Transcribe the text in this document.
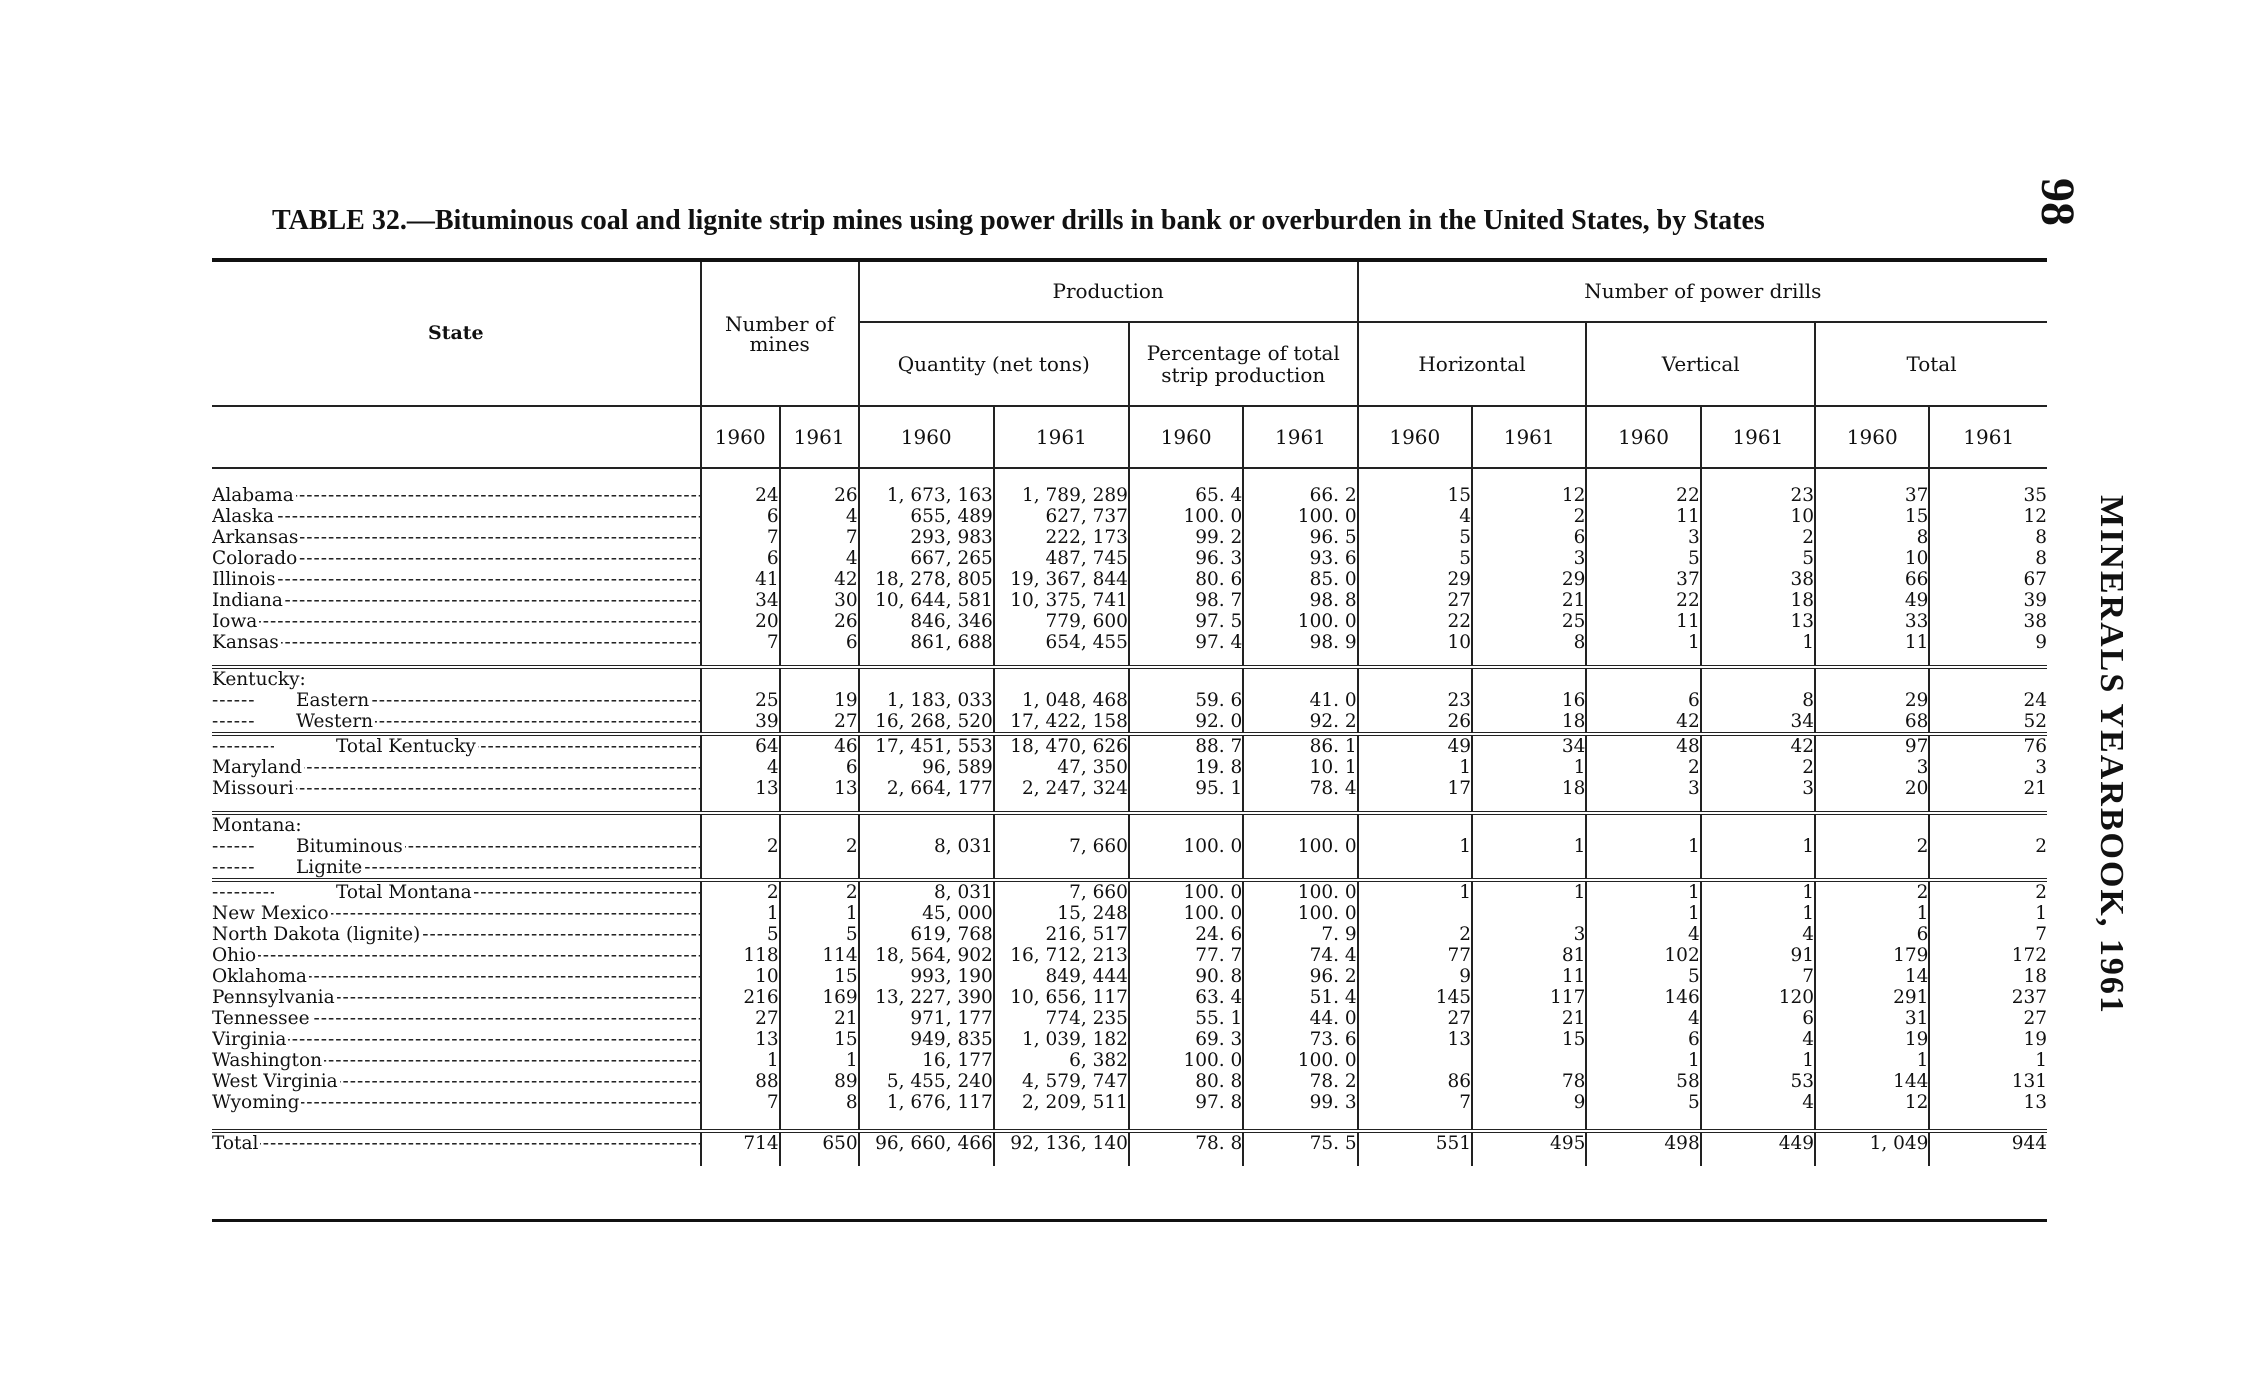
TABLE 32.—Bituminous coal and lignite strip mines using power drills in bank or overburden in the United States, by States	98
MINERALS YEARBOOK, 1961
State	Number of mines		Production				Number of power drills					
			Quantity (net tons)		Percentage of total strip production		Horizontal		Vertical		Total	
	1960	1961	1960	1961	1960	1961	1960	1961	1960	1961	1960	1961

Alabama -----	24	26	1, 673, 163	1, 789, 289	65. 4	66. 2	15	12	22	23	37	35

Alaska -----	6	4	655, 489	627, 737	100. 0	100. 0	4	2	11	10	15	12

Arkansas -----	7	7	293, 983	222, 173	99. 2	96. 5	5	6	3	2	8	8

Colorado -----	6	4	667, 265	487, 745	96. 3	93. 6	5	3	5	5	10	8

Illinois -----	41	42	18, 278, 805	19, 367, 844	80. 6	85. 0	29	29	37	38	66	67

Indiana -----	34	30	10, 644, 581	10, 375, 741	98. 7	98. 8	27	21	22	18	49	39

Iowa -----	20	26	846, 346	779, 600	97. 5	100. 0	22	25	11	13	33	38

Kansas -----	7	6	861, 688	654, 455	97. 4	98. 9	10	8	1	1	11	9

Kentucky:												

Eastern -----	25	19	1, 183, 033	1, 048, 468	59. 6	41. 0	23	16	6	8	29	24

Western -----	39	27	16, 268, 520	17, 422, 158	92. 0	92. 2	26	18	42	34	68	52

Total Kentucky -----	64	46	17, 451, 553	18, 470, 626	88. 7	86. 1	49	34	48	42	97	76

Maryland -----	4	6	96, 589	47, 350	19. 8	10. 1	1	1	2	2	3	3

Missouri -----	13	13	2, 664, 177	2, 247, 324	95. 1	78. 4	17	18	3	3	20	21

Montana:												

Bituminous -----	2	2	8, 031	7, 660	100. 0	100. 0	1	1	1	1	2	2

Lignite -----

Total Montana -----	2	2	8, 031	7, 660	100. 0	100. 0	1	1	1	1	2	2

New Mexico -----	1	1	45, 000	15, 248	100. 0	100. 0			1	1	1	1

North Dakota (lignite) -----	5	5	619, 768	216, 517	24. 6	7. 9	2	3	4	4	6	7

Ohio -----	118	114	18, 564, 902	16, 712, 213	77. 7	74. 4	77	81	102	91	179	172

Oklahoma -----	10	15	993, 190	849, 444	90. 8	96. 2	9	11	5	7	14	18

Pennsylvania -----	216	169	13, 227, 390	10, 656, 117	63. 4	51. 4	145	117	146	120	291	237

Tennessee -----	27	21	971, 177	774, 235	55. 1	44. 0	27	21	4	6	31	27

Virginia -----	13	15	949, 835	1, 039, 182	69. 3	73. 6	13	15	6	4	19	19

Washington -----	1	1	16, 177	6, 382	100. 0	100. 0			1	1	1	1

West Virginia -----	88	89	5, 455, 240	4, 579, 747	80. 8	78. 2	86	78	58	53	144	131

Wyoming -----	7	8	1, 676, 117	2, 209, 511	97. 8	99. 3	7	9	5	4	12	13

Total -----	714	650	96, 660, 466	92, 136, 140	78. 8	75. 5	551	495	498	449	1, 049	944
